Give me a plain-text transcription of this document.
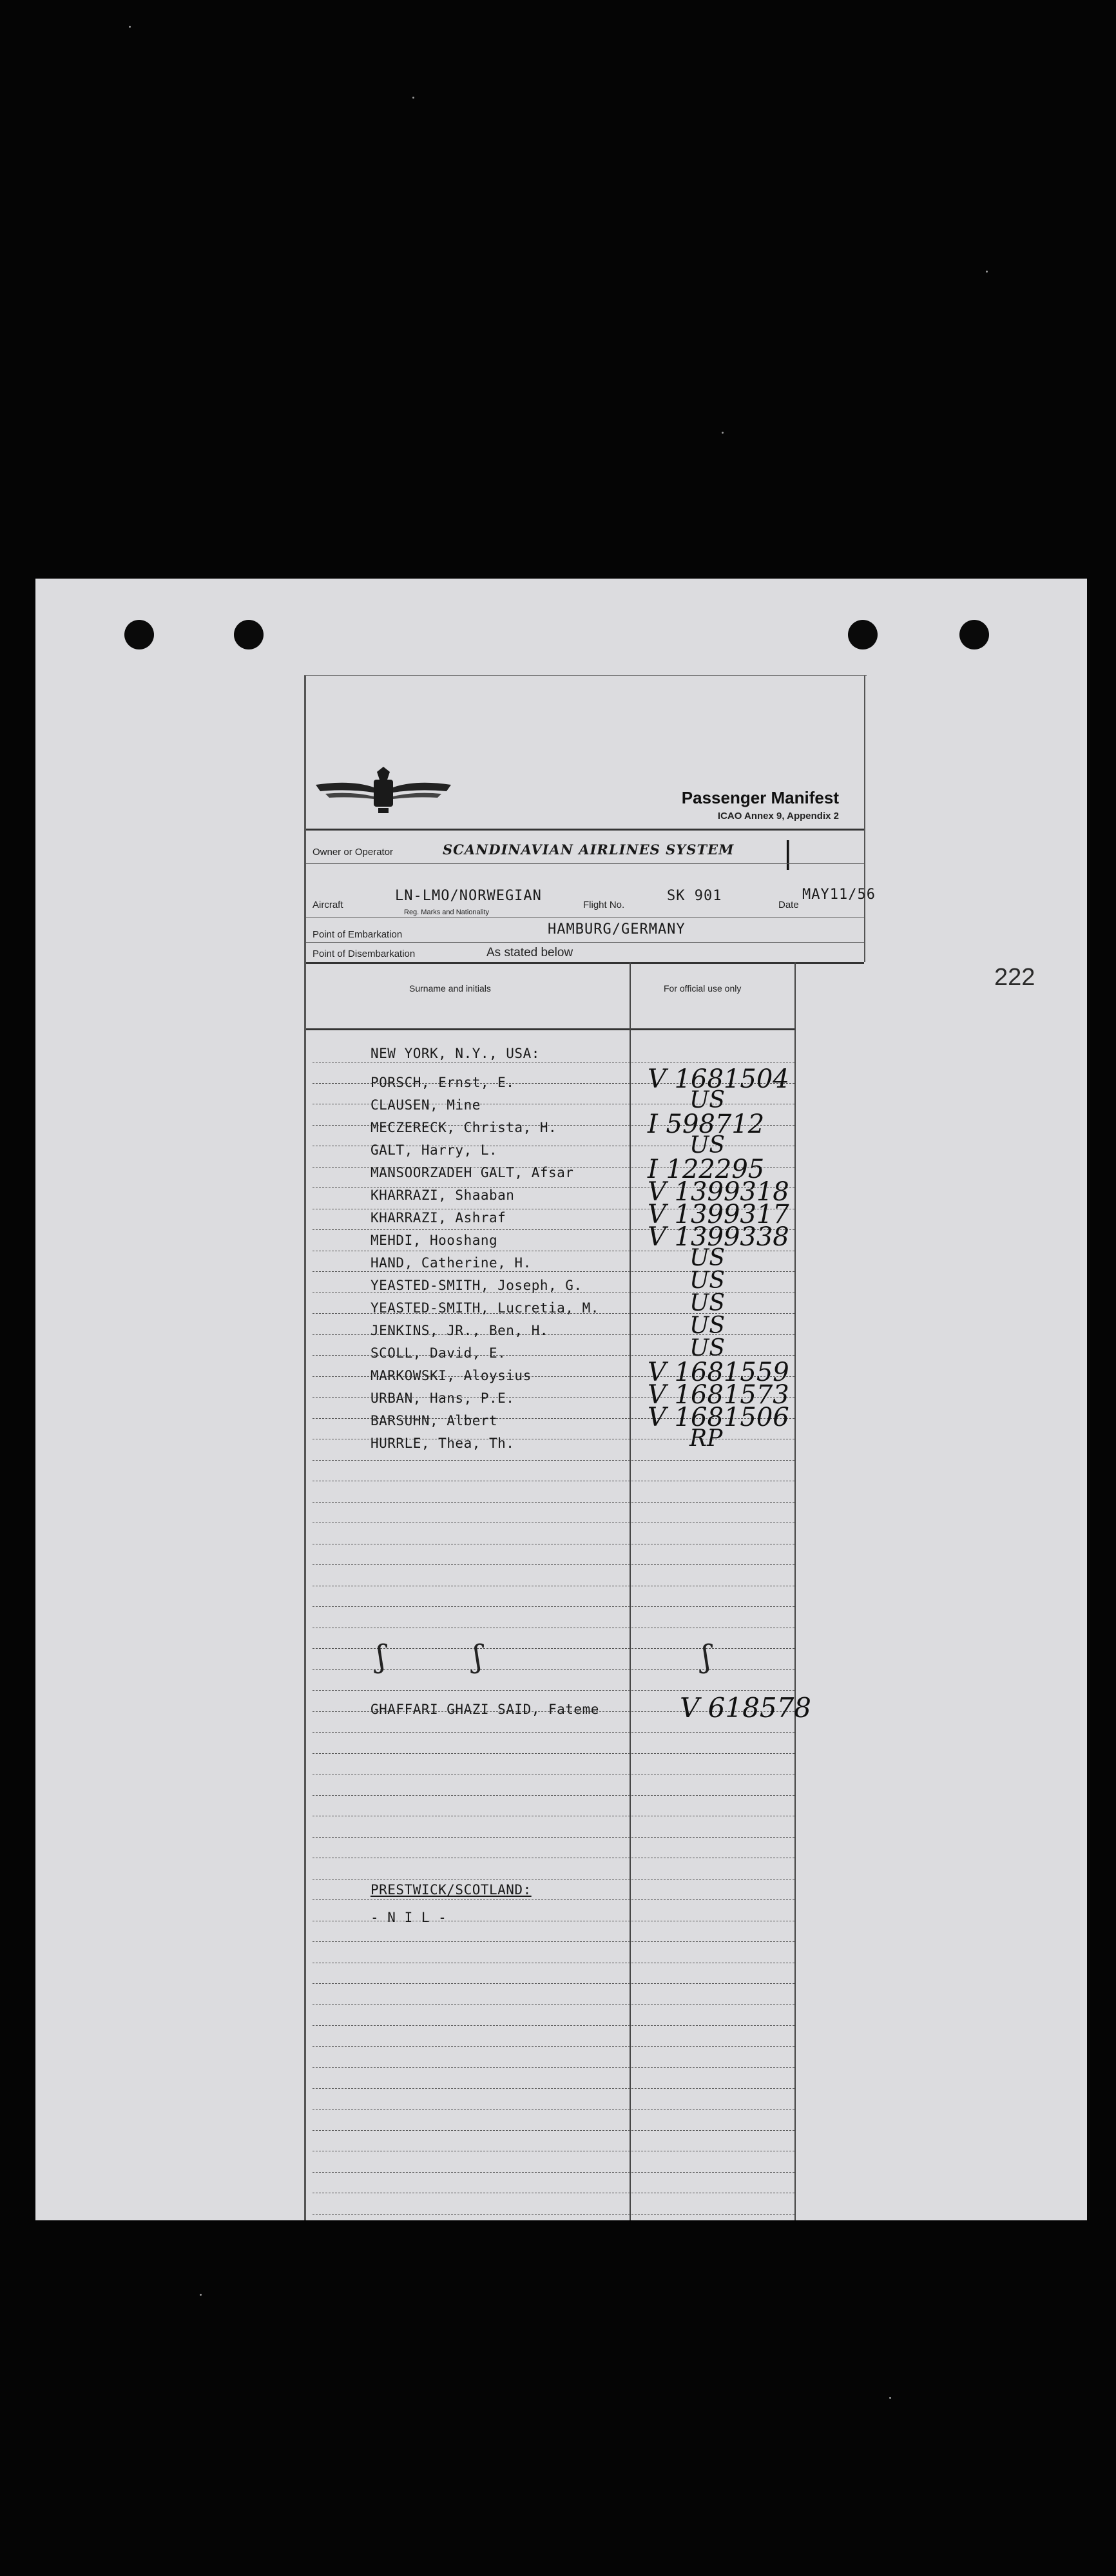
222
Passenger Manifest
ICAO Annex 9, Appendix 2
Owner or Operator	SCANDINAVIAN AIRLINES SYSTEM |
Aircraft
LN-LMO/NORWEGIAN
Reg. Marks and Nationality
Flight No.
SK 901
Date
MAY11/56
Point of Embarkation	HAMBURG/GERMANY
Point of Disembarkation	As stated below
Surname and initials	For official use only
NEW YORK, N.Y., USA:
PORSCH, Ernst, E.	V 1681504
CLAUSEN, Mine	US
MECZERECK, Christa, H.	I 598712
GALT, Harry, L.	US
MANSOORZADEH GALT, Afsar	I 122295
KHARRAZI, Shaaban	V 1399318
KHARRAZI, Ashraf	V 1399317
MEHDI, Hooshang	V 1399338
HAND, Catherine, H.	US
YEASTED-SMITH, Joseph, G.	US
YEASTED-SMITH, Lucretia, M.	US
JENKINS, JR., Ben, H.	US
SCOLL, David, E.	US
MARKOWSKI, Aloysius	V 1681559
URBAN, Hans, P.E.	V 1681573
BARSUHN, Albert	V 1681506
HURRLE, Thea, Th.	RP
ʃ	ʃ	ʃ
GHAFFARI GHAZI SAID, Fateme	V 618578
PRESTWICK/SCOTLAND:
- N I L -
